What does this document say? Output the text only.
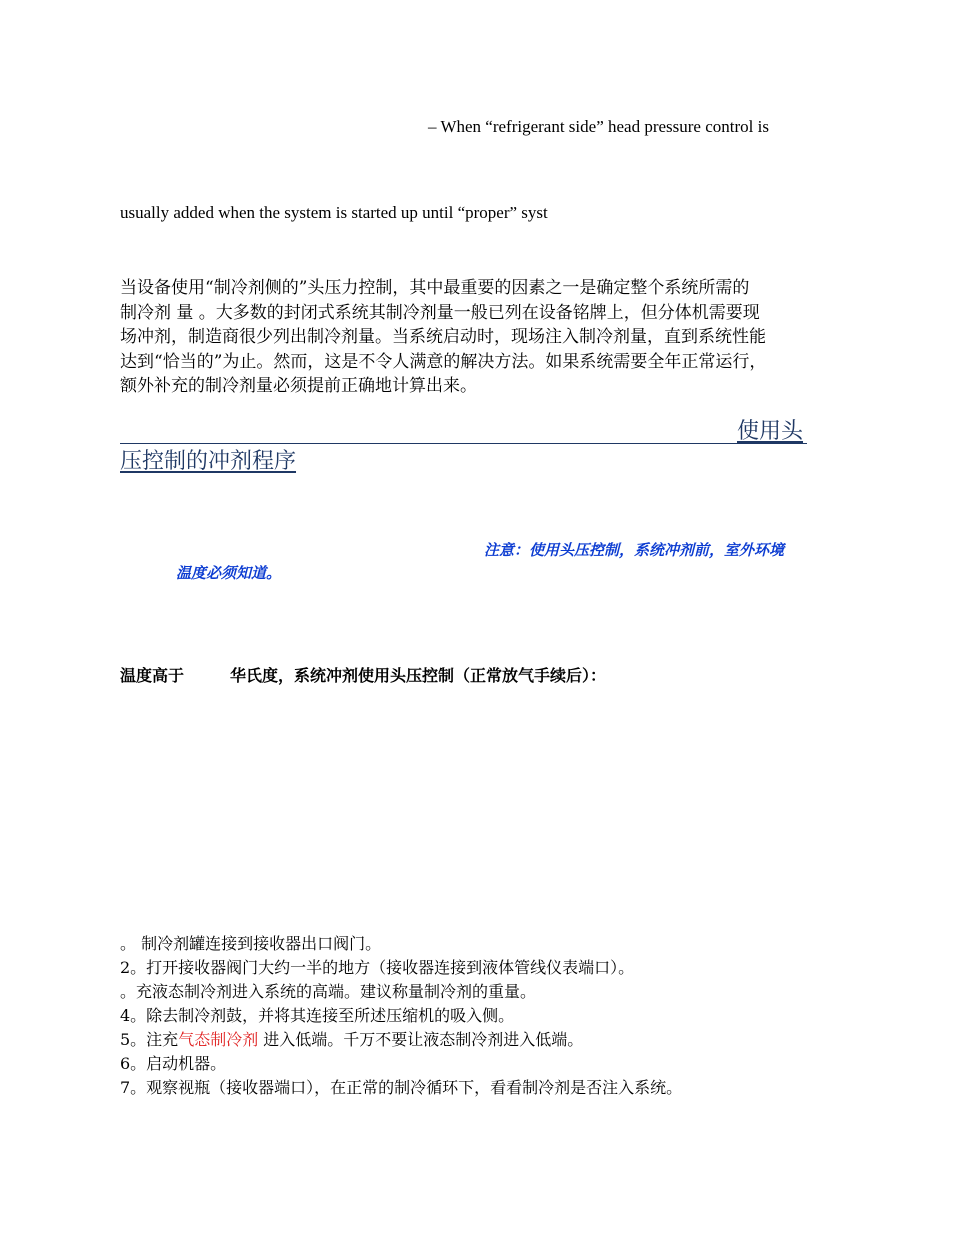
– When “refrigerant side” head pressure control is
usually added when the system is started up until “proper” syst
当设备使用“制冷剂侧的”头压力控制，其中最重要的因素之一是确定整个系统所需的
制冷剂 量 。大多数的封闭式系统其制冷剂量一般已列在设备铭牌上，但分体机需要现
场冲剂，制造商很少列出制冷剂量。当系统启动时，现场注入制冷剂量，直到系统性能
达到“恰当的”为止。然而，这是不令人满意的解决方法。如果系统需要全年正常运行，
额外补充的制冷剂量必须提前正确地计算出来。
使用头
压控制的冲剂程序
注意：使用头压控制，系统冲剂前，室外环境
温度必须知道。
温度高于	华氏度，系统冲剂使用头压控制（正常放气手续后）：
。 制冷剂罐连接到接收器出口阀门。
2。打开接收器阀门大约一半的地方（接收器连接到液体管线仪表端口）。
。充液态制冷剂进入系统的高端。建议称量制冷剂的重量。
4。除去制冷剂鼓，并将其连接至所述压缩机的吸入侧。
5。注充气态制冷剂 进入低端。千万不要让液态制冷剂进入低端。
6。启动机器。
7。观察视瓶（接收器端口），在正常的制冷循环下，看看制冷剂是否注入系统。
